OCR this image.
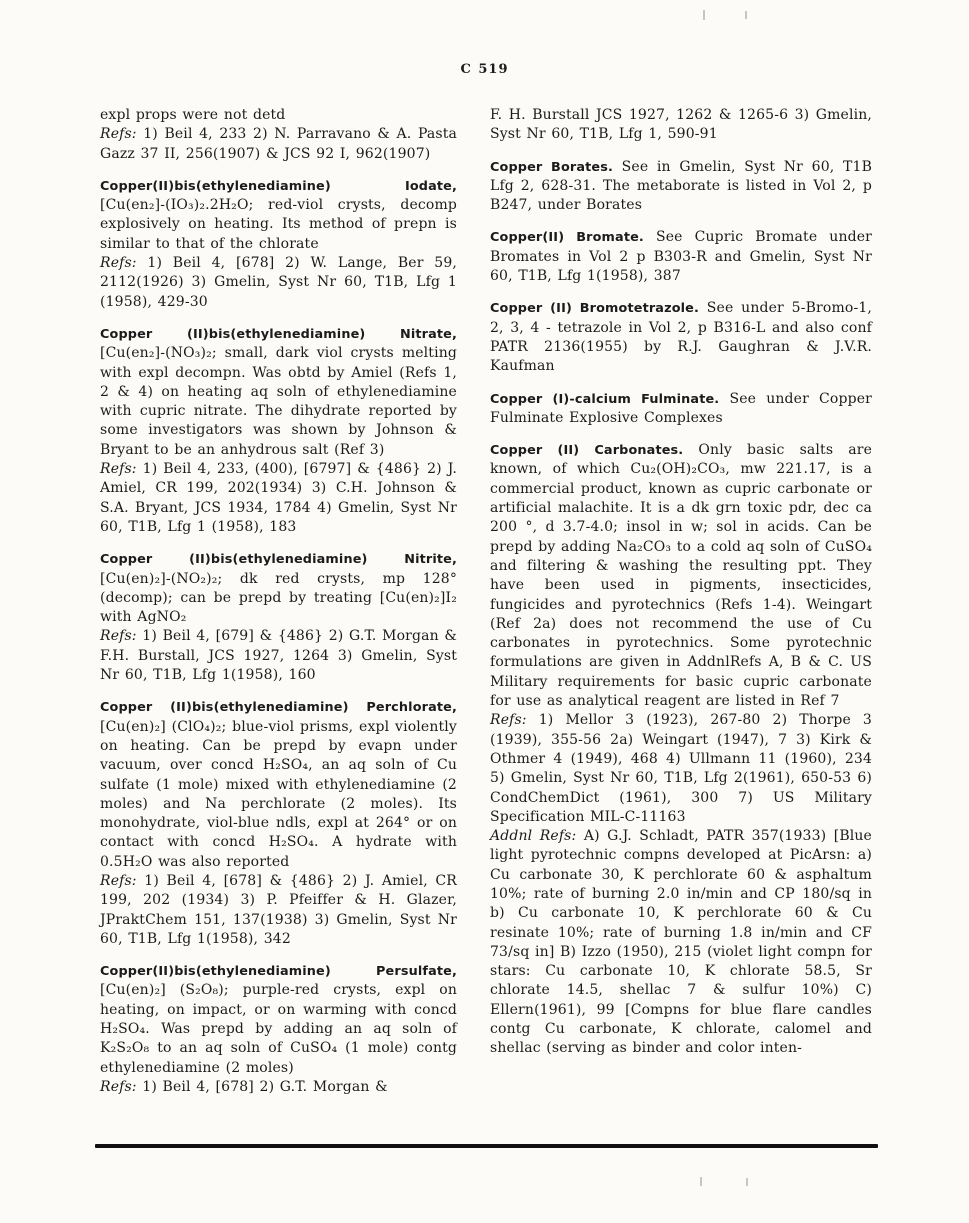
C 519
expl props were not detd
Refs: 1) Beil 4, 233 2) N. Parravano & A. Pasta Gazz 37 II, 256(1907) & JCS 92 I, 962(1907)
Copper(II)bis(ethylenediamine) Iodate, [Cu(en₂]-(IO₃)₂.2H₂O; red-viol crysts, decomp explosively on heating. Its method of prepn is similar to that of the chlorate
Refs: 1) Beil 4, [678] 2) W. Lange, Ber 59, 2112(1926) 3) Gmelin, Syst Nr 60, T1B, Lfg 1 (1958), 429-30
Copper (II)bis(ethylenediamine) Nitrate, [Cu(en₂]-(NO₃)₂; small, dark viol crysts melting with expl decompn. Was obtd by Amiel (Refs 1, 2 & 4) on heating aq soln of ethylenediamine with cupric nitrate. The dihydrate reported by some investigators was shown by Johnson & Bryant to be an anhydrous salt (Ref 3)
Refs: 1) Beil 4, 233, (400), [6797] & {486} 2) J. Amiel, CR 199, 202(1934) 3) C.H. Johnson & S.A. Bryant, JCS 1934, 1784 4) Gmelin, Syst Nr 60, T1B, Lfg 1 (1958), 183
Copper (II)bis(ethylenediamine) Nitrite, [Cu(en)₂]-(NO₂)₂; dk red crysts, mp 128° (decomp); can be prepd by treating [Cu(en)₂]I₂ with AgNO₂
Refs: 1) Beil 4, [679] & {486} 2) G.T. Morgan & F.H. Burstall, JCS 1927, 1264 3) Gmelin, Syst Nr 60, T1B, Lfg 1(1958), 160
Copper (II)bis(ethylenediamine) Perchlorate, [Cu(en)₂] (ClO₄)₂; blue-viol prisms, expl violently on heating. Can be prepd by evapn under vacuum, over concd H₂SO₄, an aq soln of Cu sulfate (1 mole) mixed with ethylenediamine (2 moles) and Na perchlorate (2 moles). Its monohydrate, viol-blue ndls, expl at 264° or on contact with concd H₂SO₄. A hydrate with 0.5H₂O was also reported
Refs: 1) Beil 4, [678] & {486} 2) J. Amiel, CR 199, 202 (1934) 3) P. Pfeiffer & H. Glazer, JPraktChem 151, 137(1938) 3) Gmelin, Syst Nr 60, T1B, Lfg 1(1958), 342
Copper(II)bis(ethylenediamine) Persulfate, [Cu(en)₂] (S₂O₈); purple-red crysts, expl on heating, on impact, or on warming with concd H₂SO₄. Was prepd by adding an aq soln of K₂S₂O₈ to an aq soln of CuSO₄ (1 mole) contg ethylenediamine (2 moles)
Refs: 1) Beil 4, [678] 2) G.T. Morgan &
F. H. Burstall JCS 1927, 1262 & 1265-6 3) Gmelin, Syst Nr 60, T1B, Lfg 1, 590-91
Copper Borates. See in Gmelin, Syst Nr 60, T1B Lfg 2, 628-31. The metaborate is listed in Vol 2, p B247, under Borates
Copper(II) Bromate. See Cupric Bromate under Bromates in Vol 2 p B303-R and Gmelin, Syst Nr 60, T1B, Lfg 1(1958), 387
Copper (II) Bromotetrazole. See under 5-Bromo-1, 2, 3, 4 - tetrazole in Vol 2, p B316-L and also conf PATR 2136(1955) by R.J. Gaughran & J.V.R. Kaufman
Copper (I)-calcium Fulminate. See under Copper Fulminate Explosive Complexes
Copper (II) Carbonates. Only basic salts are known, of which Cu₂(OH)₂CO₃, mw 221.17, is a commercial product, known as cupric carbonate or artificial malachite. It is a dk grn toxic pdr, dec ca 200 °, d 3.7-4.0; insol in w; sol in acids. Can be prepd by adding Na₂CO₃ to a cold aq soln of CuSO₄ and filtering & washing the resulting ppt. They have been used in pigments, insecticides, fungicides and pyrotechnics (Refs 1-4). Weingart (Ref 2a) does not recommend the use of Cu carbonates in pyrotechnics. Some pyrotechnic formulations are given in AddnlRefs A, B & C. US Military requirements for basic cupric carbonate for use as analytical reagent are listed in Ref 7
Refs: 1) Mellor 3 (1923), 267-80 2) Thorpe 3 (1939), 355-56 2a) Weingart (1947), 7 3) Kirk & Othmer 4 (1949), 468 4) Ullmann 11 (1960), 234 5) Gmelin, Syst Nr 60, T1B, Lfg 2(1961), 650-53 6) CondChemDict (1961), 300 7) US Military Specification MIL-C-11163
Addnl Refs: A) G.J. Schladt, PATR 357(1933) [Blue light pyrotechnic compns developed at PicArsn: a) Cu carbonate 30, K perchlorate 60 & asphaltum 10%; rate of burning 2.0 in/min and CP 180/sq in b) Cu carbonate 10, K perchlorate 60 & Cu resinate 10%; rate of burning 1.8 in/min and CF 73/sq in] B) Izzo (1950), 215 (violet light compn for stars: Cu carbonate 10, K chlorate 58.5, Sr chlorate 14.5, shellac 7 & sulfur 10%) C) Ellern(1961), 99 [Compns for blue flare candles contg Cu carbonate, K chlorate, calomel and shellac (serving as binder and color inten-
